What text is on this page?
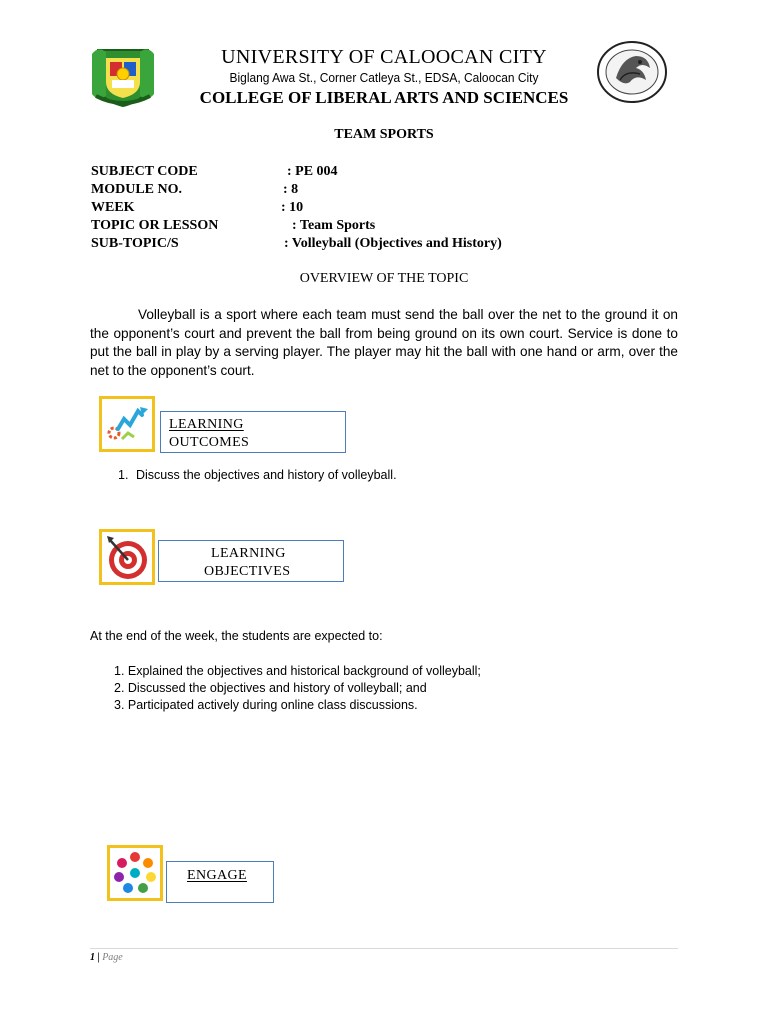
UNIVERSITY OF CALOOCAN CITY
Biglang Awa St., Corner Catleya St., EDSA, Caloocan City
COLLEGE OF LIBERAL ARTS AND SCIENCES
TEAM SPORTS
SUBJECT CODE	: PE 004
MODULE NO.	: 8
WEEK	: 10
TOPIC OR LESSON	: Team Sports
SUB-TOPIC/S	: Volleyball (Objectives and History)
OVERVIEW OF THE TOPIC
Volleyball is a sport where each team must send the ball over the net to the ground it on the opponent’s court and prevent the ball from being ground on its own court. Service is done to put the ball in play by a serving player. The player may hit the ball with one hand or arm, over the net to the opponent’s court.
LEARNING
OUTCOMES
1. Discuss the objectives and history of volleyball.
LEARNING
OBJECTIVES
At the end of the week, the students are expected to:
1. Explained the objectives and historical background of volleyball;
2. Discussed the objectives and history of volleyball; and
3. Participated actively during online class discussions.
ENGAGE
1 | Page
